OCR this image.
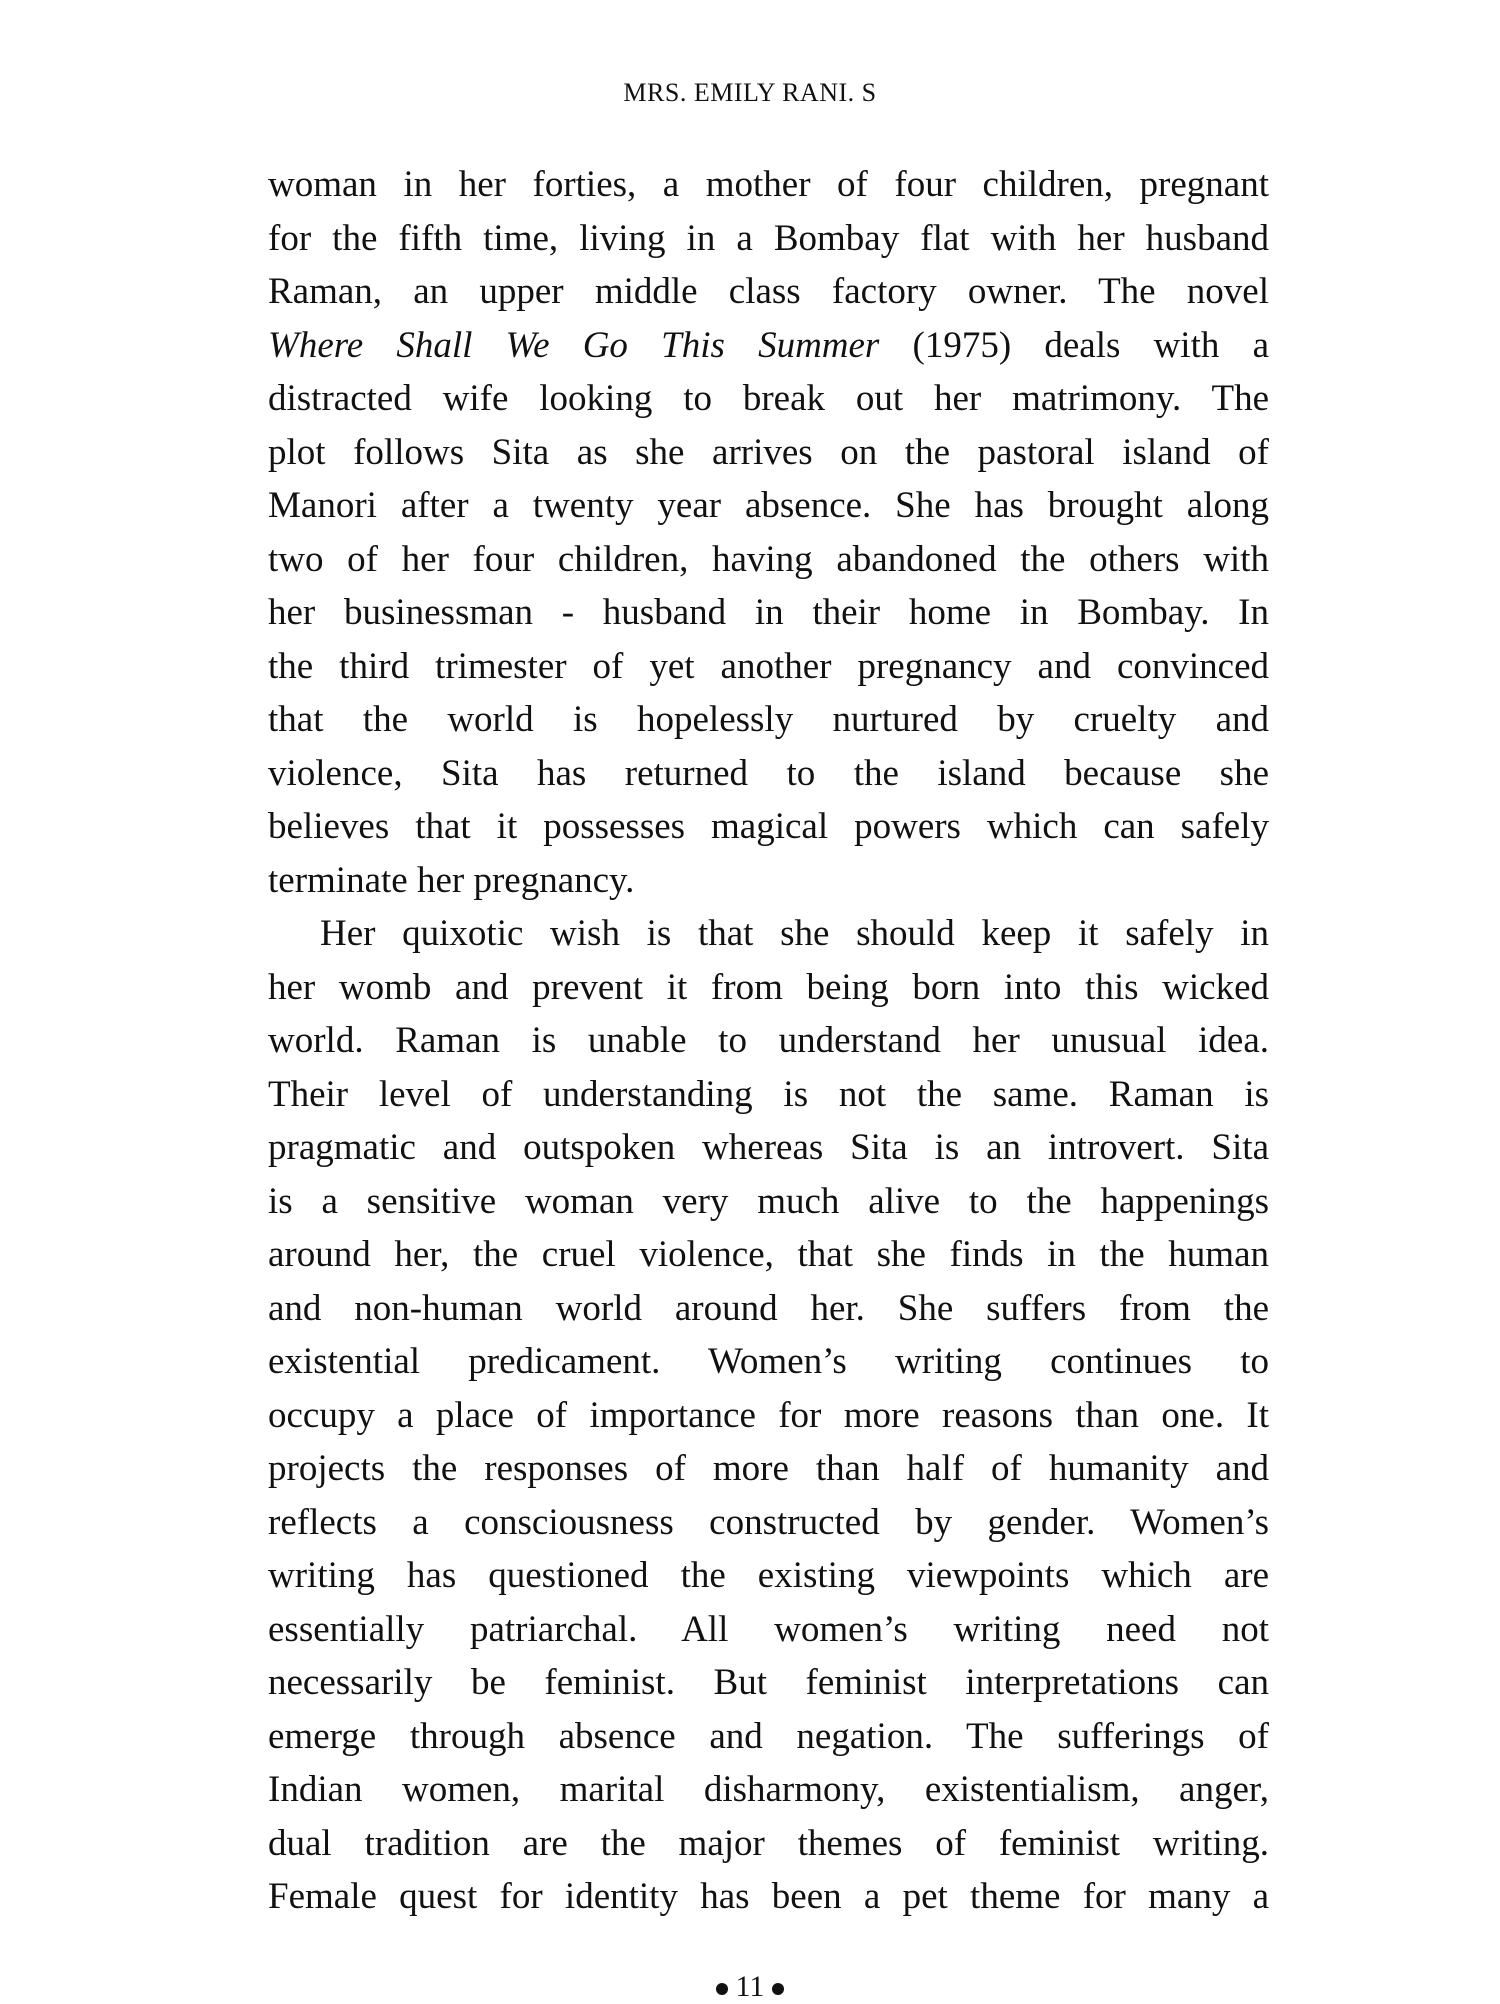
MRS. EMILY RANI. S
woman in her forties, a mother of four children, pregnant
for the fifth time, living in a Bombay flat with her husband
Raman, an upper middle class factory owner. The novel
Where Shall We Go This Summer (1975) deals with a
distracted wife looking to break out her matrimony. The
plot follows Sita as she arrives on the pastoral island of
Manori after a twenty year absence. She has brought along
two of her four children, having abandoned the others with
her businessman - husband in their home in Bombay. In
the third trimester of yet another pregnancy and convinced
that the world is hopelessly nurtured by cruelty and
violence, Sita has returned to the island because she
believes that it possesses magical powers which can safely
terminate her pregnancy.
Her quixotic wish is that she should keep it safely in
her womb and prevent it from being born into this wicked
world. Raman is unable to understand her unusual idea.
Their level of understanding is not the same. Raman is
pragmatic and outspoken whereas Sita is an introvert. Sita
is a sensitive woman very much alive to the happenings
around her, the cruel violence, that she finds in the human
and non-human world around her. She suffers from the
existential predicament. Women’s writing continues to
occupy a place of importance for more reasons than one. It
projects the responses of more than half of humanity and
reflects a consciousness constructed by gender. Women’s
writing has questioned the existing viewpoints which are
essentially patriarchal. All women’s writing need not
necessarily be feminist. But feminist interpretations can
emerge through absence and negation. The sufferings of
Indian women, marital disharmony, existentialism, anger,
dual tradition are the major themes of feminist writing.
Female quest for identity has been a pet theme for many a
11
